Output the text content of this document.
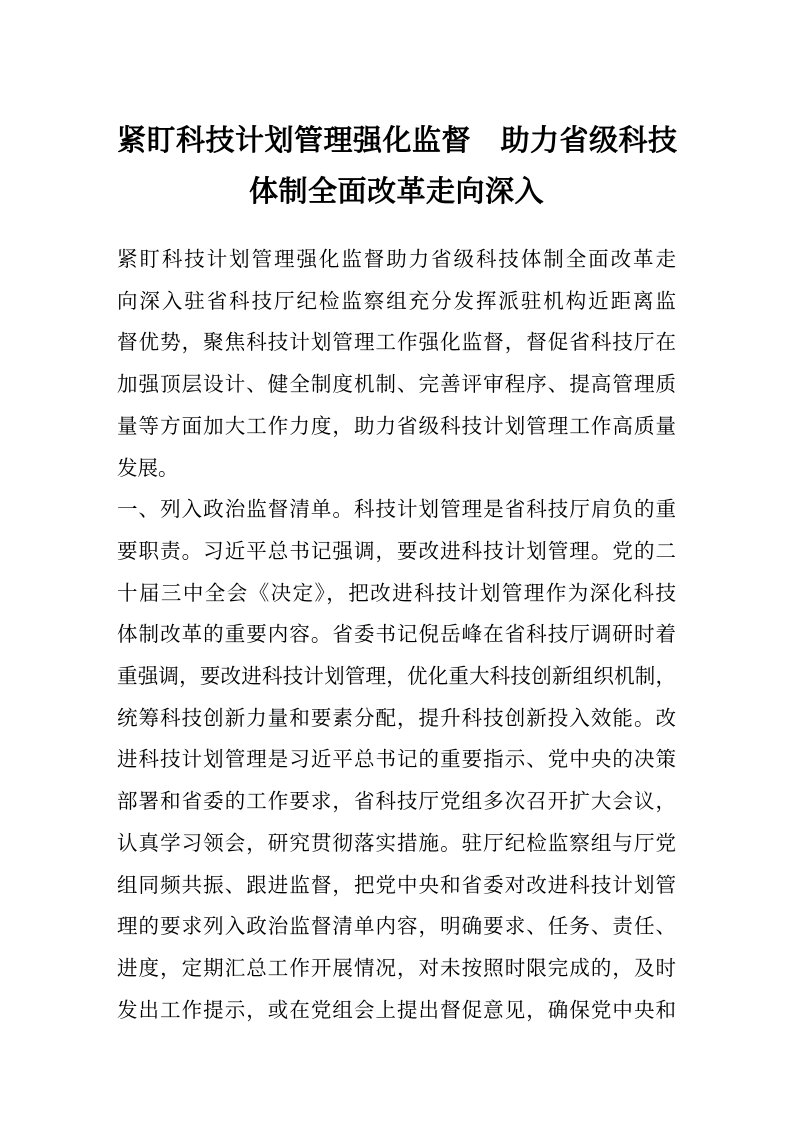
紧盯科技计划管理强化监督　助力省级科技
体制全面改革走向深入
紧盯科技计划管理强化监督助力省级科技体制全面改革走
向深入驻省科技厅纪检监察组充分发挥派驻机构近距离监
督优势，聚焦科技计划管理工作强化监督，督促省科技厅在
加强顶层设计、健全制度机制、完善评审程序、提高管理质
量等方面加大工作力度，助力省级科技计划管理工作高质量
发展。
一、列入政治监督清单。科技计划管理是省科技厅肩负的重
要职责。习近平总书记强调，要改进科技计划管理。党的二
十届三中全会《决定》，把改进科技计划管理作为深化科技
体制改革的重要内容。省委书记倪岳峰在省科技厅调研时着
重强调，要改进科技计划管理，优化重大科技创新组织机制，
统筹科技创新力量和要素分配，提升科技创新投入效能。改
进科技计划管理是习近平总书记的重要指示、党中央的决策
部署和省委的工作要求，省科技厅党组多次召开扩大会议，
认真学习领会，研究贯彻落实措施。驻厅纪检监察组与厅党
组同频共振、跟进监督，把党中央和省委对改进科技计划管
理的要求列入政治监督清单内容，明确要求、任务、责任、
进度，定期汇总工作开展情况，对未按照时限完成的，及时
发出工作提示，或在党组会上提出督促意见，确保党中央和
